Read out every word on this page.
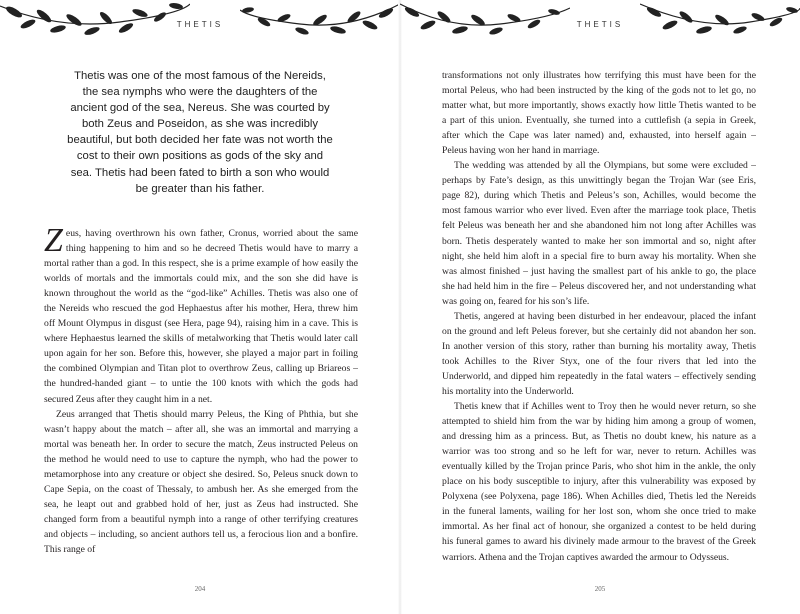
THETIS
Thetis was one of the most famous of the Nereids, the sea nymphs who were the daughters of the ancient god of the sea, Nereus. She was courted by both Zeus and Poseidon, as she was incredibly beautiful, but both decided her fate was not worth the cost to their own positions as gods of the sky and sea. Thetis had been fated to birth a son who would be greater than his father.

Zeus, having overthrown his own father, Cronus, worried about the same thing happening to him and so he decreed Thetis would have to marry a mortal rather than a god. In this respect, she is a prime example of how easily the worlds of mortals and the immortals could mix, and the son she did have is known throughout the world as the “god-like” Achilles. Thetis was also one of the Nereids who rescued the god Hephaestus after his mother, Hera, threw him off Mount Olympus in disgust (see Hera, page 94), raising him in a cave. This is where Hephaestus learned the skills of metalworking that Thetis would later call upon again for her son. Before this, however, she played a major part in foiling the combined Olympian and Titan plot to overthrow Zeus, calling up Briareos – the hundred-handed giant – to untie the 100 knots with which the gods had secured Zeus after they caught him in a net.

Zeus arranged that Thetis should marry Peleus, the King of Phthia, but she wasn’t happy about the match – after all, she was an immortal and marrying a mortal was beneath her. In order to secure the match, Zeus instructed Peleus on the method he would need to use to capture the nymph, who had the power to metamorphose into any creature or object she desired. So, Peleus snuck down to Cape Sepia, on the coast of Thessaly, to ambush her. As she emerged from the sea, he leapt out and grabbed hold of her, just as Zeus had instructed. She changed form from a beautiful nymph into a range of other terrifying creatures and objects – including, so ancient authors tell us, a ferocious lion and a bonfire. This range of

204
THETIS

transformations not only illustrates how terrifying this must have been for the mortal Peleus, who had been instructed by the king of the gods not to let go, no matter what, but more importantly, shows exactly how little Thetis wanted to be a part of this union. Eventually, she turned into a cuttlefish (a sepia in Greek, after which the Cape was later named) and, exhausted, into herself again – Peleus having won her hand in marriage.

The wedding was attended by all the Olympians, but some were excluded – perhaps by Fate’s design, as this unwittingly began the Trojan War (see Eris, page 82), during which Thetis and Peleus’s son, Achilles, would become the most famous warrior who ever lived. Even after the marriage took place, Thetis felt Peleus was beneath her and she abandoned him not long after Achilles was born. Thetis desperately wanted to make her son immortal and so, night after night, she held him aloft in a special fire to burn away his mortality. When she was almost finished – just having the smallest part of his ankle to go, the place she had held him in the fire – Peleus discovered her, and not understanding what was going on, feared for his son’s life.

Thetis, angered at having been disturbed in her endeavour, placed the infant on the ground and left Peleus forever, but she certainly did not abandon her son. In another version of this story, rather than burning his mortality away, Thetis took Achilles to the River Styx, one of the four rivers that led into the Underworld, and dipped him repeatedly in the fatal waters – effectively sending his mortality into the Underworld.

Thetis knew that if Achilles went to Troy then he would never return, so she attempted to shield him from the war by hiding him among a group of women, and dressing him as a princess. But, as Thetis no doubt knew, his nature as a warrior was too strong and so he left for war, never to return. Achilles was eventually killed by the Trojan prince Paris, who shot him in the ankle, the only place on his body susceptible to injury, after this vulnerability was exposed by Polyxena (see Polyxena, page 186). When Achilles died, Thetis led the Nereids in the funeral laments, wailing for her lost son, whom she once tried to make immortal. As her final act of honour, she organized a contest to be held during his funeral games to award his divinely made armour to the bravest of the Greek warriors. Athena and the Trojan captives awarded the armour to Odysseus.

205
